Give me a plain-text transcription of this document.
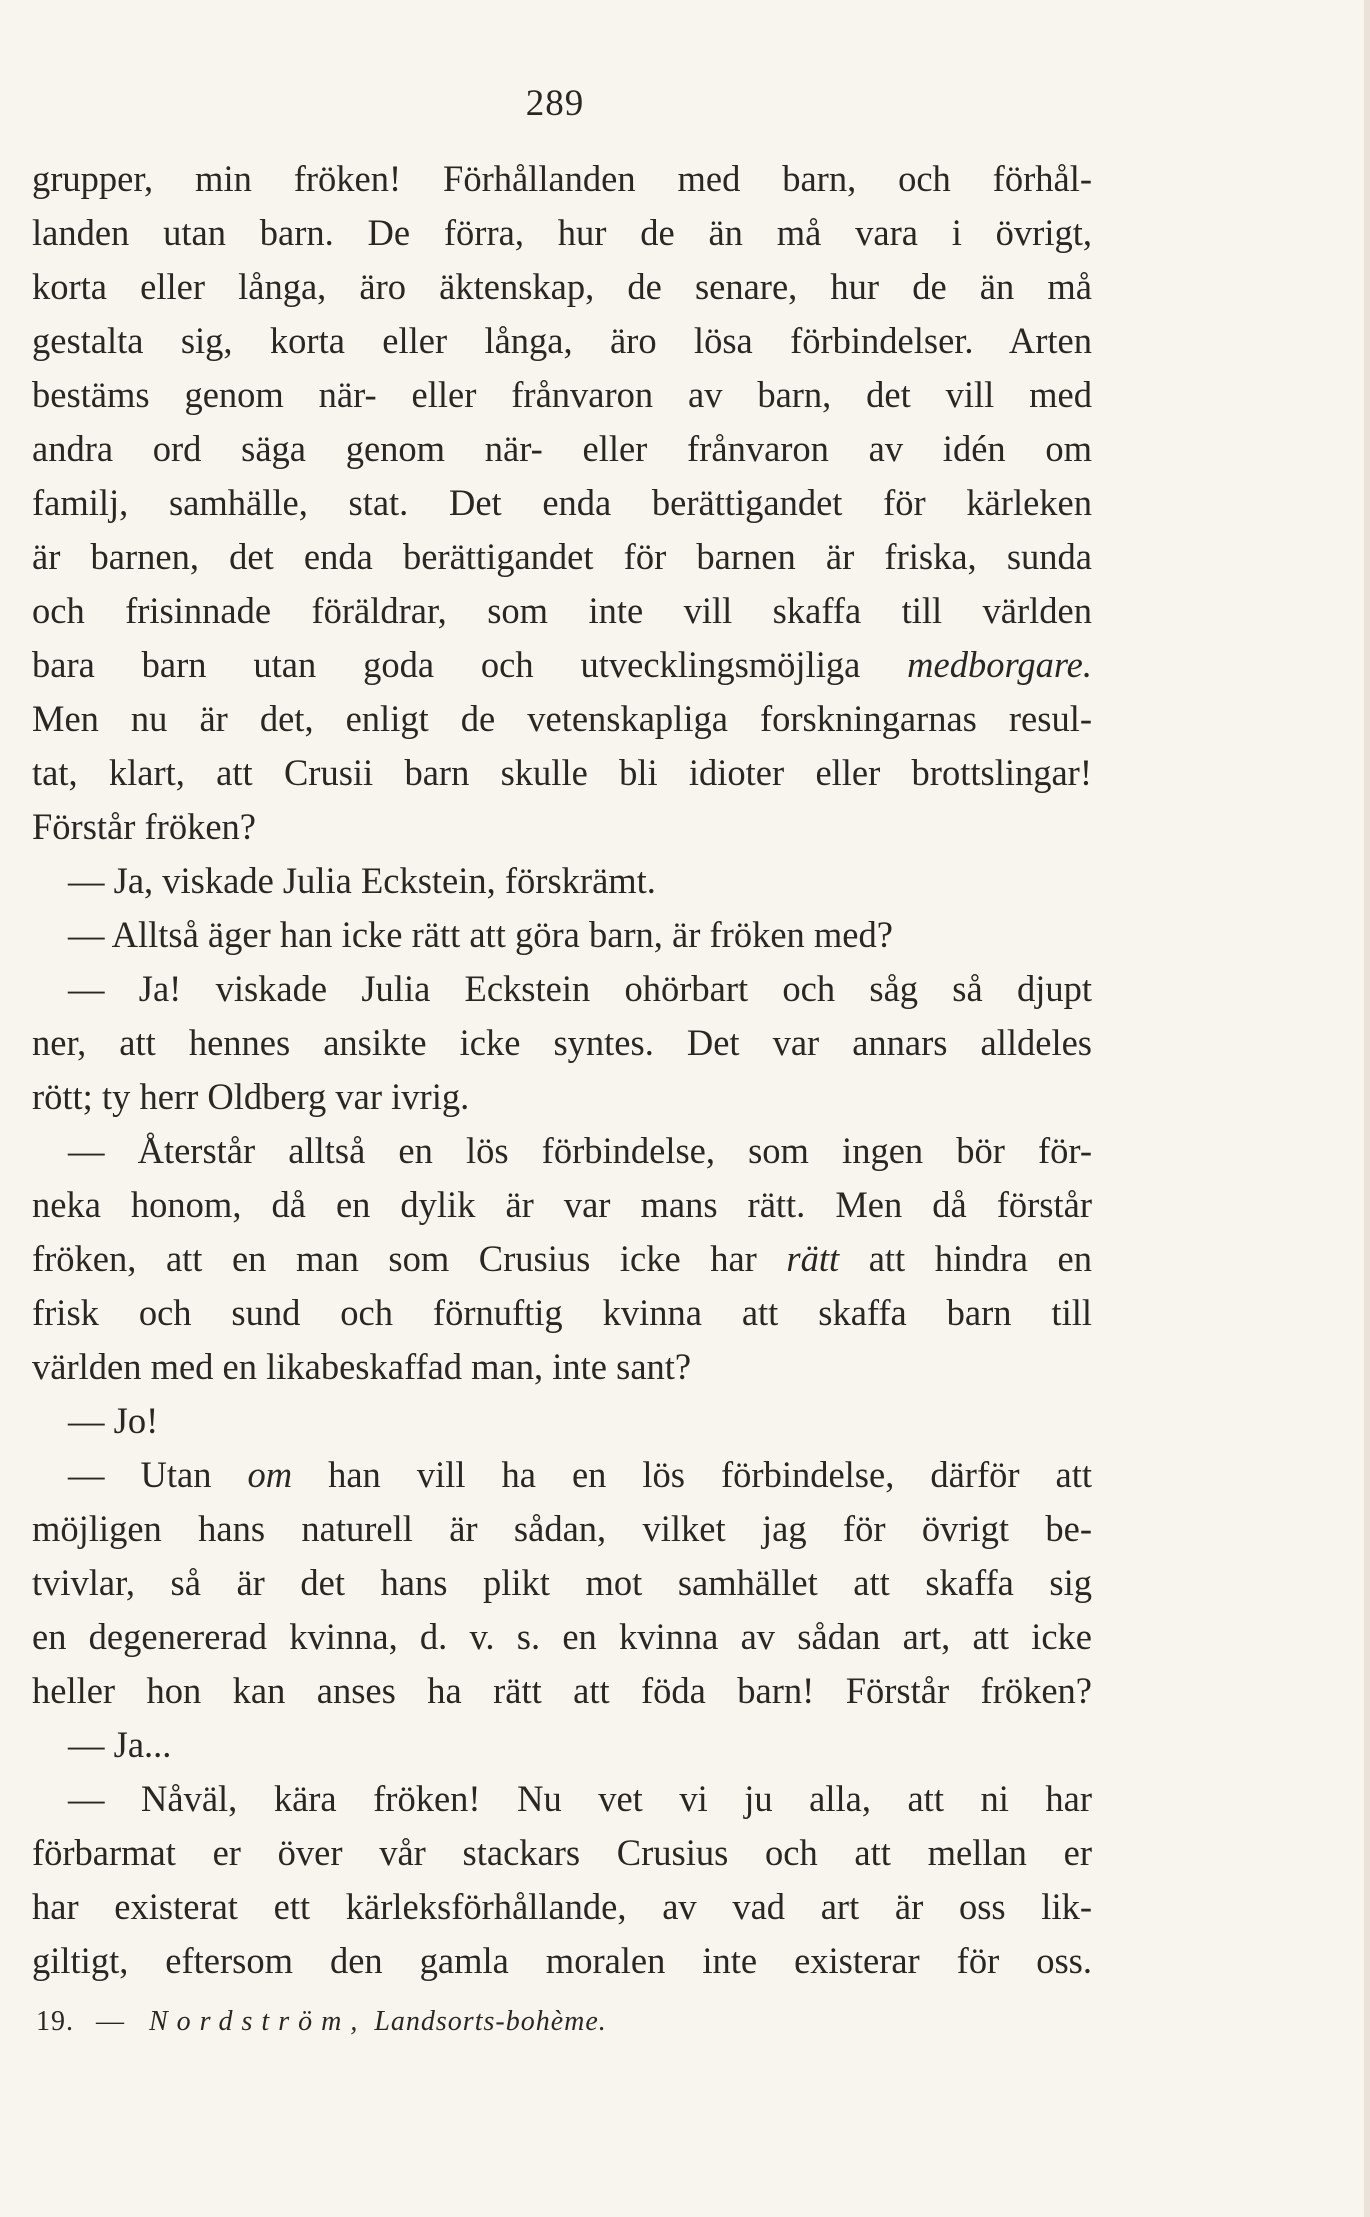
289
grupper, min fröken! Förhållanden med barn, och förhål-
landen utan barn. De förra, hur de än må vara i övrigt,
korta eller långa, äro äktenskap, de senare, hur de än må
gestalta sig, korta eller långa, äro lösa förbindelser. Arten
bestäms genom när- eller frånvaron av barn, det vill med
andra ord säga genom när- eller frånvaron av idén om
familj, samhälle, stat. Det enda berättigandet för kärleken
är barnen, det enda berättigandet för barnen är friska, sunda
och frisinnade föräldrar, som inte vill skaffa till världen
bara barn utan goda och utvecklingsmöjliga medborgare.
Men nu är det, enligt de vetenskapliga forskningarnas resul-
tat, klart, att Crusii barn skulle bli idioter eller brottslingar!
Förstår fröken?
— Ja, viskade Julia Eckstein, förskrämt.
— Alltså äger han icke rätt att göra barn, är fröken med?
— Ja! viskade Julia Eckstein ohörbart och såg så djupt
ner, att hennes ansikte icke syntes. Det var annars alldeles
rött; ty herr Oldberg var ivrig.
— Återstår alltså en lös förbindelse, som ingen bör för-
neka honom, då en dylik är var mans rätt. Men då förstår
fröken, att en man som Crusius icke har rätt att hindra en
frisk och sund och förnuftig kvinna att skaffa barn till
världen med en likabeskaffad man, inte sant?
— Jo!
— Utan om han vill ha en lös förbindelse, därför att
möjligen hans naturell är sådan, vilket jag för övrigt be-
tvivlar, så är det hans plikt mot samhället att skaffa sig
en degenererad kvinna, d. v. s. en kvinna av sådan art, att icke
heller hon kan anses ha rätt att föda barn! Förstår fröken?
— Ja...
— Nåväl, kära fröken! Nu vet vi ju alla, att ni har
förbarmat er över vår stackars Crusius och att mellan er
har existerat ett kärleksförhållande, av vad art är oss lik-
giltigt, eftersom den gamla moralen inte existerar för oss.
19. — Nordström, Landsorts-bohème.
